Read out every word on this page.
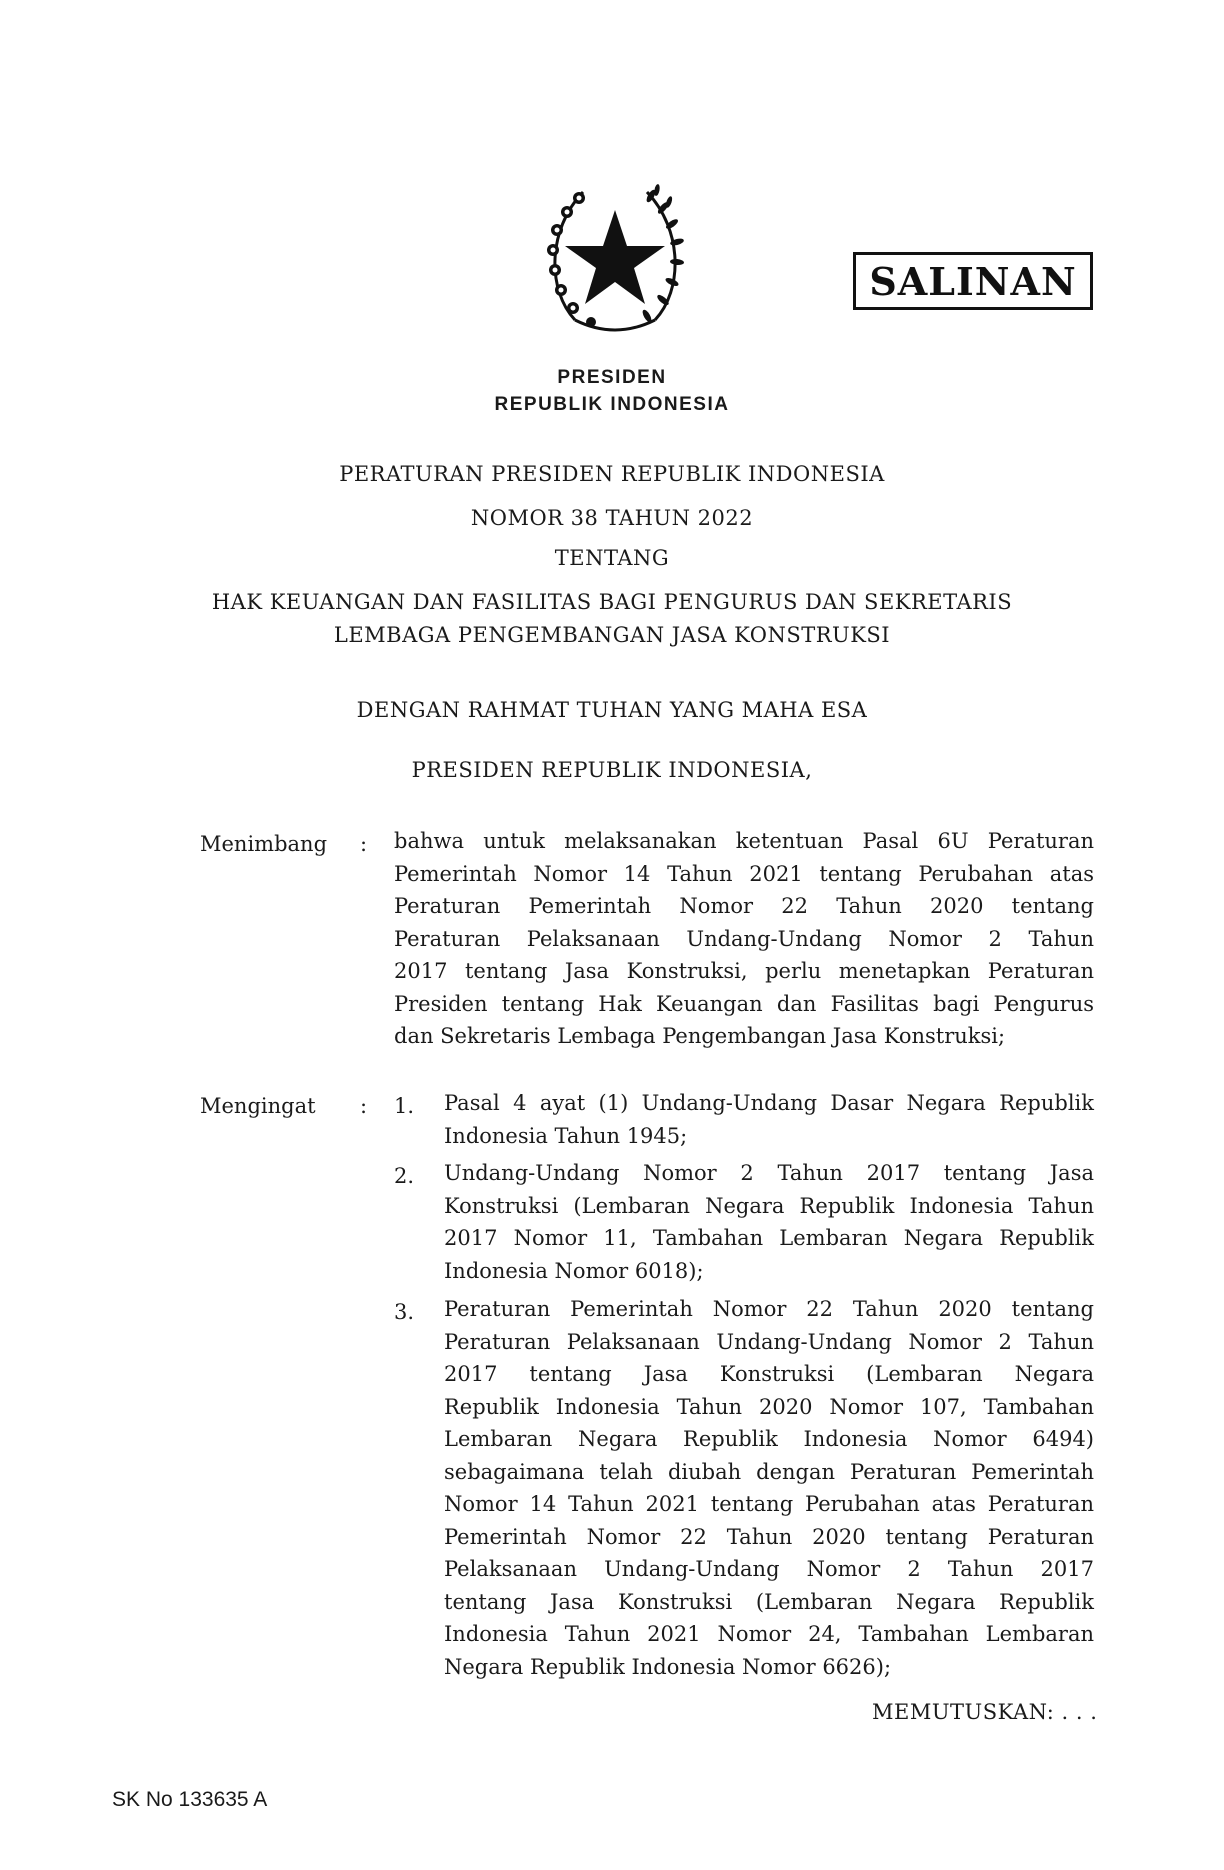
SALINAN
PRESIDEN
REPUBLIK INDONESIA
PERATURAN PRESIDEN REPUBLIK INDONESIA
NOMOR 38 TAHUN 2022
TENTANG
HAK KEUANGAN DAN FASILITAS BAGI PENGURUS DAN SEKRETARIS
LEMBAGA PENGEMBANGAN JASA KONSTRUKSI
DENGAN RAHMAT TUHAN YANG MAHA ESA
PRESIDEN REPUBLIK INDONESIA,
Menimbang : bahwa untuk melaksanakan ketentuan Pasal 6U Peraturan
Pemerintah Nomor 14 Tahun 2021 tentang Perubahan atas
Peraturan Pemerintah Nomor 22 Tahun 2020 tentang
Peraturan Pelaksanaan Undang-Undang Nomor 2 Tahun
2017 tentang Jasa Konstruksi, perlu menetapkan Peraturan
Presiden tentang Hak Keuangan dan Fasilitas bagi Pengurus
dan Sekretaris Lembaga Pengembangan Jasa Konstruksi;
Mengingat : 1. Pasal 4 ayat (1) Undang-Undang Dasar Negara Republik
Indonesia Tahun 1945;
2. Undang-Undang Nomor 2 Tahun 2017 tentang Jasa
Konstruksi (Lembaran Negara Republik Indonesia Tahun
2017 Nomor 11, Tambahan Lembaran Negara Republik
Indonesia Nomor 6018);
3. Peraturan Pemerintah Nomor 22 Tahun 2020 tentang
Peraturan Pelaksanaan Undang-Undang Nomor 2 Tahun
2017 tentang Jasa Konstruksi (Lembaran Negara
Republik Indonesia Tahun 2020 Nomor 107, Tambahan
Lembaran Negara Republik Indonesia Nomor 6494)
sebagaimana telah diubah dengan Peraturan Pemerintah
Nomor 14 Tahun 2021 tentang Perubahan atas Peraturan
Pemerintah Nomor 22 Tahun 2020 tentang Peraturan
Pelaksanaan Undang-Undang Nomor 2 Tahun 2017
tentang Jasa Konstruksi (Lembaran Negara Republik
Indonesia Tahun 2021 Nomor 24, Tambahan Lembaran
Negara Republik Indonesia Nomor 6626);
MEMUTUSKAN: . . .
SK No 133635 A
